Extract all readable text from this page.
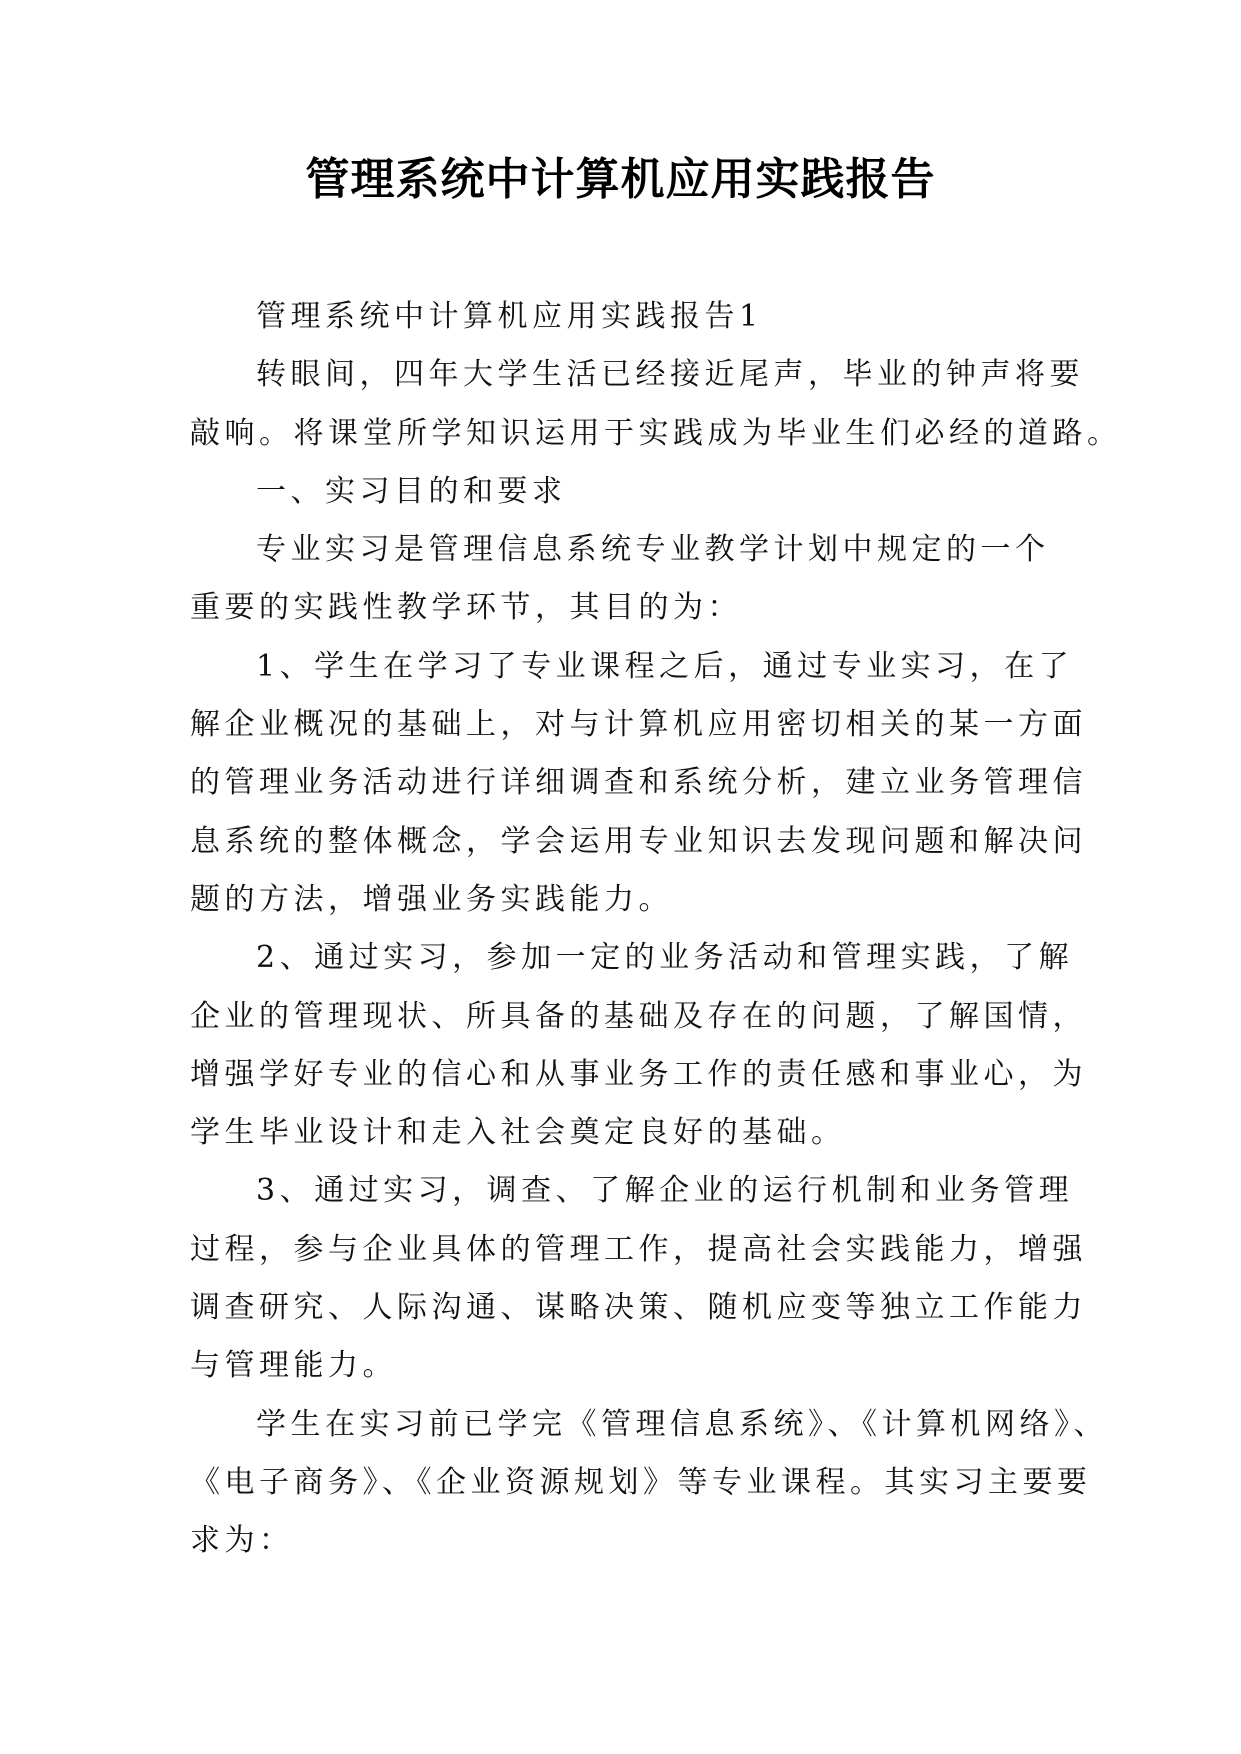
管理系统中计算机应用实践报告

管理系统中计算机应用实践报告1

转眼间，四年大学生活已经接近尾声，毕业的钟声将要
敲响。将课堂所学知识运用于实践成为毕业生们必经的道路。

一、实习目的和要求

专业实习是管理信息系统专业教学计划中规定的一个
重要的实践性教学环节，其目的为：

1、学生在学习了专业课程之后，通过专业实习，在了
解企业概况的基础上，对与计算机应用密切相关的某一方面
的管理业务活动进行详细调查和系统分析，建立业务管理信
息系统的整体概念，学会运用专业知识去发现问题和解决问
题的方法，增强业务实践能力。

2、通过实习，参加一定的业务活动和管理实践，了解
企业的管理现状、所具备的基础及存在的问题，了解国情，
增强学好专业的信心和从事业务工作的责任感和事业心，为
学生毕业设计和走入社会奠定良好的基础。

3、通过实习，调查、了解企业的运行机制和业务管理
过程，参与企业具体的管理工作，提高社会实践能力，增强
调查研究、人际沟通、谋略决策、随机应变等独立工作能力
与管理能力。

学生在实习前已学完《管理信息系统》、《计算机网络》、
《电子商务》、《企业资源规划》等专业课程。其实习主要要
求为：
